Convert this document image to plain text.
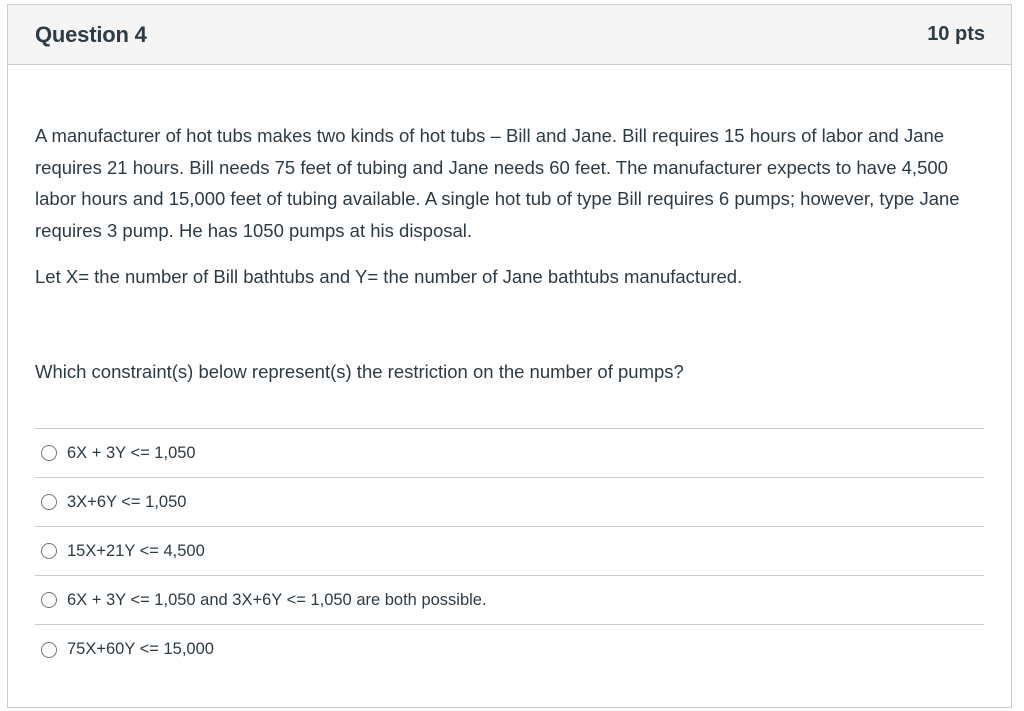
Question 4	10 pts

A manufacturer of hot tubs makes two kinds of hot tubs – Bill and Jane. Bill requires 15 hours of labor and Jane requires 21 hours. Bill needs 75 feet of tubing and Jane needs 60 feet. The manufacturer expects to have 4,500 labor hours and 15,000 feet of tubing available. A single hot tub of type Bill requires 6 pumps; however, type Jane requires 3 pump. He has 1050 pumps at his disposal.

Let X= the number of Bill bathtubs and Y= the number of Jane bathtubs manufactured.

Which constraint(s) below represent(s) the restriction on the number of pumps?

6X + 3Y <= 1,050
3X+6Y <= 1,050
15X+21Y <= 4,500
6X + 3Y <= 1,050 and 3X+6Y <= 1,050 are both possible.
75X+60Y <= 15,000
